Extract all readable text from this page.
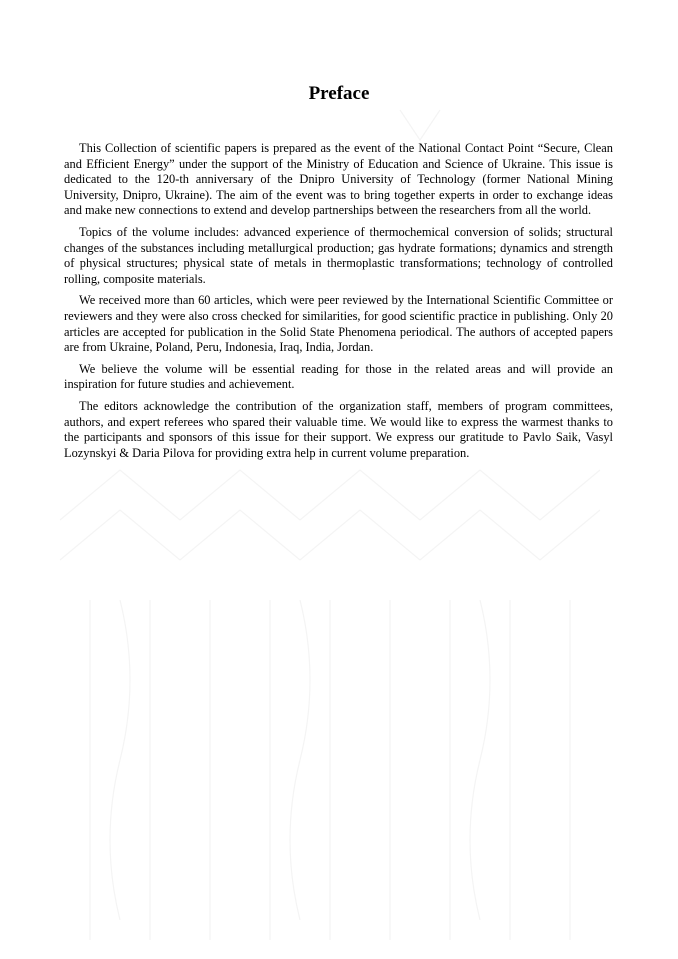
Preface

This Collection of scientific papers is prepared as the event of the National Contact Point “Secure, Clean and Efficient Energy” under the support of the Ministry of Education and Science of Ukraine. This issue is dedicated to the 120-th anniversary of the Dnipro University of Technology (former National Mining University, Dnipro, Ukraine). The aim of the event was to bring together experts in order to exchange ideas and make new connections to extend and develop partnerships between the researchers from all the world.

Topics of the volume includes: advanced experience of thermochemical conversion of solids; structural changes of the substances including metallurgical production; gas hydrate formations; dynamics and strength of physical structures; physical state of metals in thermoplastic transformations; technology of controlled rolling, composite materials.

We received more than 60 articles, which were peer reviewed by the International Scientific Committee or reviewers and they were also cross checked for similarities, for good scientific practice in publishing. Only 20 articles are accepted for publication in the Solid State Phenomena periodical. The authors of accepted papers are from Ukraine, Poland, Peru, Indonesia, Iraq, India, Jordan.

We believe the volume will be essential reading for those in the related areas and will provide an inspiration for future studies and achievement.

The editors acknowledge the contribution of the organization staff, members of program committees, authors, and expert referees who spared their valuable time. We would like to express the warmest thanks to the participants and sponsors of this issue for their support. We express our gratitude to Pavlo Saik, Vasyl Lozynskyi & Daria Pilova for providing extra help in current volume preparation.
